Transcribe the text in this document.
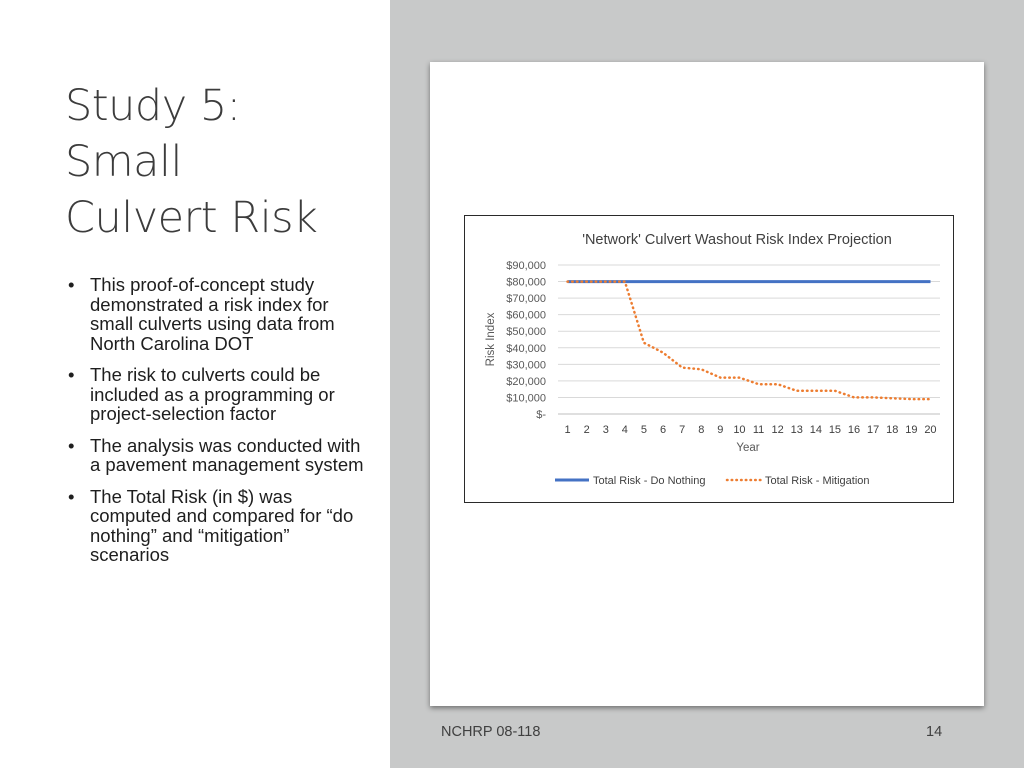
Study 5:
Small
Culvert Risk
• This proof-of-concept study demonstrated a risk index for small culverts using data from North Carolina DOT
• The risk to culverts could be included as a programming or project-selection factor
• The analysis was conducted with a pavement management system
• The Total Risk (in $) was computed and compared for “do nothing” and “mitigation” scenarios
'Network' Culvert Washout Risk Index Projection
$-
$10,000
$20,000
$30,000
$40,000
$50,000
$60,000
$70,000
$80,000
$90,000
1 2 3 4 5 6 7 8 9 10 11 12 13 14 15 16 17 18 19 20
Year
Risk Index
Total Risk - Do Nothing	Total Risk - Mitigation
NCHRP 08-118	14
